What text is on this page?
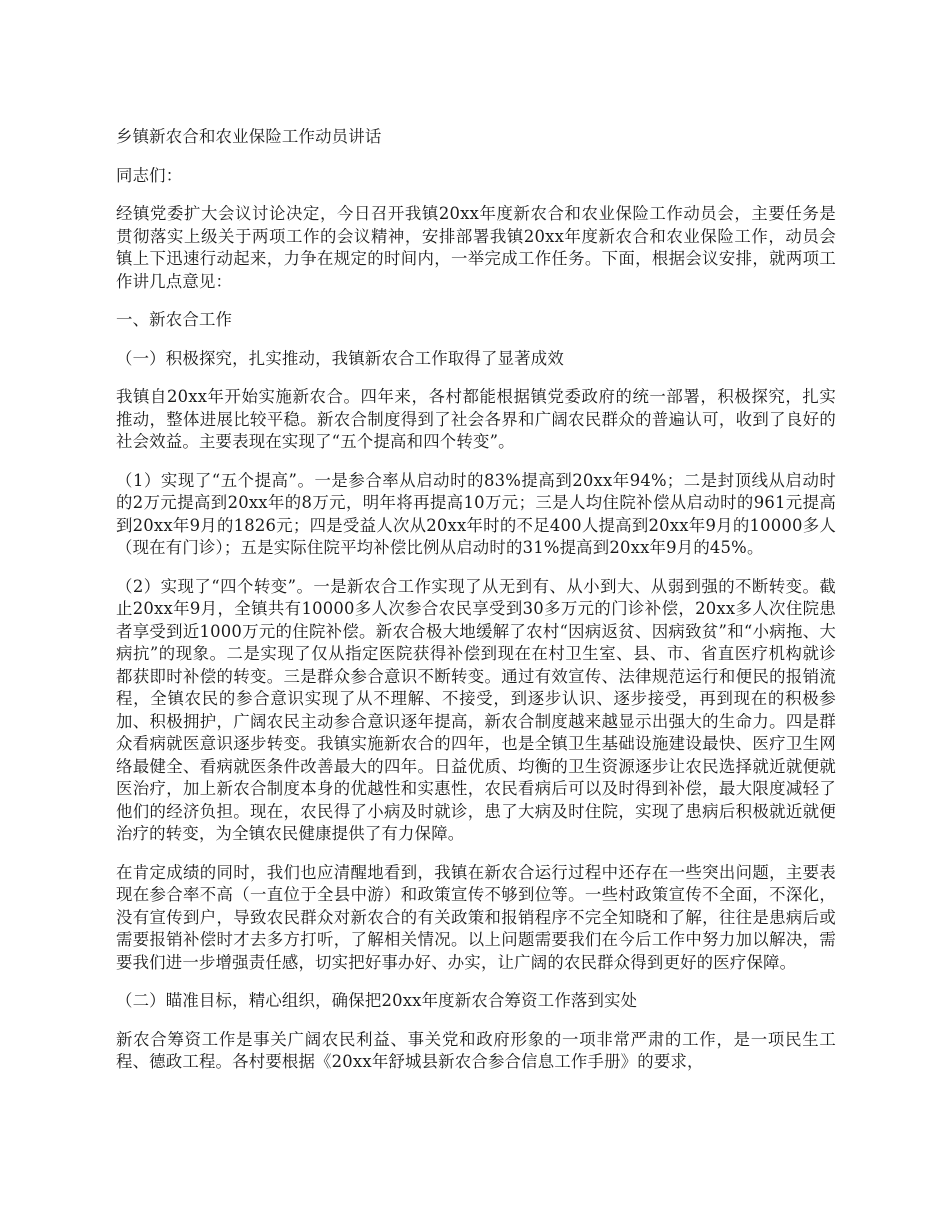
乡镇新农合和农业保险工作动员讲话

同志们：

经镇党委扩大会议讨论决定，今日召开我镇20xx年度新农合和农业保险工作动员会，主要任务是贯彻落实上级关于两项工作的会议精神，安排部署我镇20xx年度新农合和农业保险工作，动员会镇上下迅速行动起来，力争在规定的时间内，一举完成工作任务。下面，根据会议安排，就两项工作讲几点意见：

一、新农合工作

（一）积极探究，扎实推动，我镇新农合工作取得了显著成效

我镇自20xx年开始实施新农合。四年来，各村都能根据镇党委政府的统一部署，积极探究，扎实推动，整体进展比较平稳。新农合制度得到了社会各界和广阔农民群众的普遍认可，收到了良好的社会效益。主要表现在实现了“五个提高和四个转变”。

（1）实现了“五个提高”。一是参合率从启动时的83%提高到20xx年94%；二是封顶线从启动时的2万元提高到20xx年的8万元，明年将再提高10万元；三是人均住院补偿从启动时的961元提高到20xx年9月的1826元；四是受益人次从20xx年时的不足400人提高到20xx年9月的10000多人（现在有门诊）；五是实际住院平均补偿比例从启动时的31%提高到20xx年9月的45%。

（2）实现了“四个转变”。一是新农合工作实现了从无到有、从小到大、从弱到强的不断转变。截止20xx年9月，全镇共有10000多人次参合农民享受到30多万元的门诊补偿，20xx多人次住院患者享受到近1000万元的住院补偿。新农合极大地缓解了农村“因病返贫、因病致贫”和“小病拖、大病抗”的现象。二是实现了仅从指定医院获得补偿到现在在村卫生室、县、市、省直医疗机构就诊都获即时补偿的转变。三是群众参合意识不断转变。通过有效宣传、法律规范运行和便民的报销流程，全镇农民的参合意识实现了从不理解、不接受，到逐步认识、逐步接受，再到现在的积极参加、积极拥护，广阔农民主动参合意识逐年提高，新农合制度越来越显示出强大的生命力。四是群众看病就医意识逐步转变。我镇实施新农合的四年，也是全镇卫生基础设施建设最快、医疗卫生网络最健全、看病就医条件改善最大的四年。日益优质、均衡的卫生资源逐步让农民选择就近就便就医治疗，加上新农合制度本身的优越性和实惠性，农民看病后可以及时得到补偿，最大限度减轻了他们的经济负担。现在，农民得了小病及时就诊，患了大病及时住院，实现了患病后积极就近就便治疗的转变，为全镇农民健康提供了有力保障。

在肯定成绩的同时，我们也应清醒地看到，我镇在新农合运行过程中还存在一些突出问题，主要表现在参合率不高（一直位于全县中游）和政策宣传不够到位等。一些村政策宣传不全面，不深化，没有宣传到户，导致农民群众对新农合的有关政策和报销程序不完全知晓和了解，往往是患病后或需要报销补偿时才去多方打听，了解相关情况。以上问题需要我们在今后工作中努力加以解决，需要我们进一步增强责任感，切实把好事办好、办实，让广阔的农民群众得到更好的医疗保障。

（二）瞄准目标，精心组织，确保把20xx年度新农合筹资工作落到实处

新农合筹资工作是事关广阔农民利益、事关党和政府形象的一项非常严肃的工作，是一项民生工程、德政工程。各村要根据《20xx年舒城县新农合参合信息工作手册》的要求，
